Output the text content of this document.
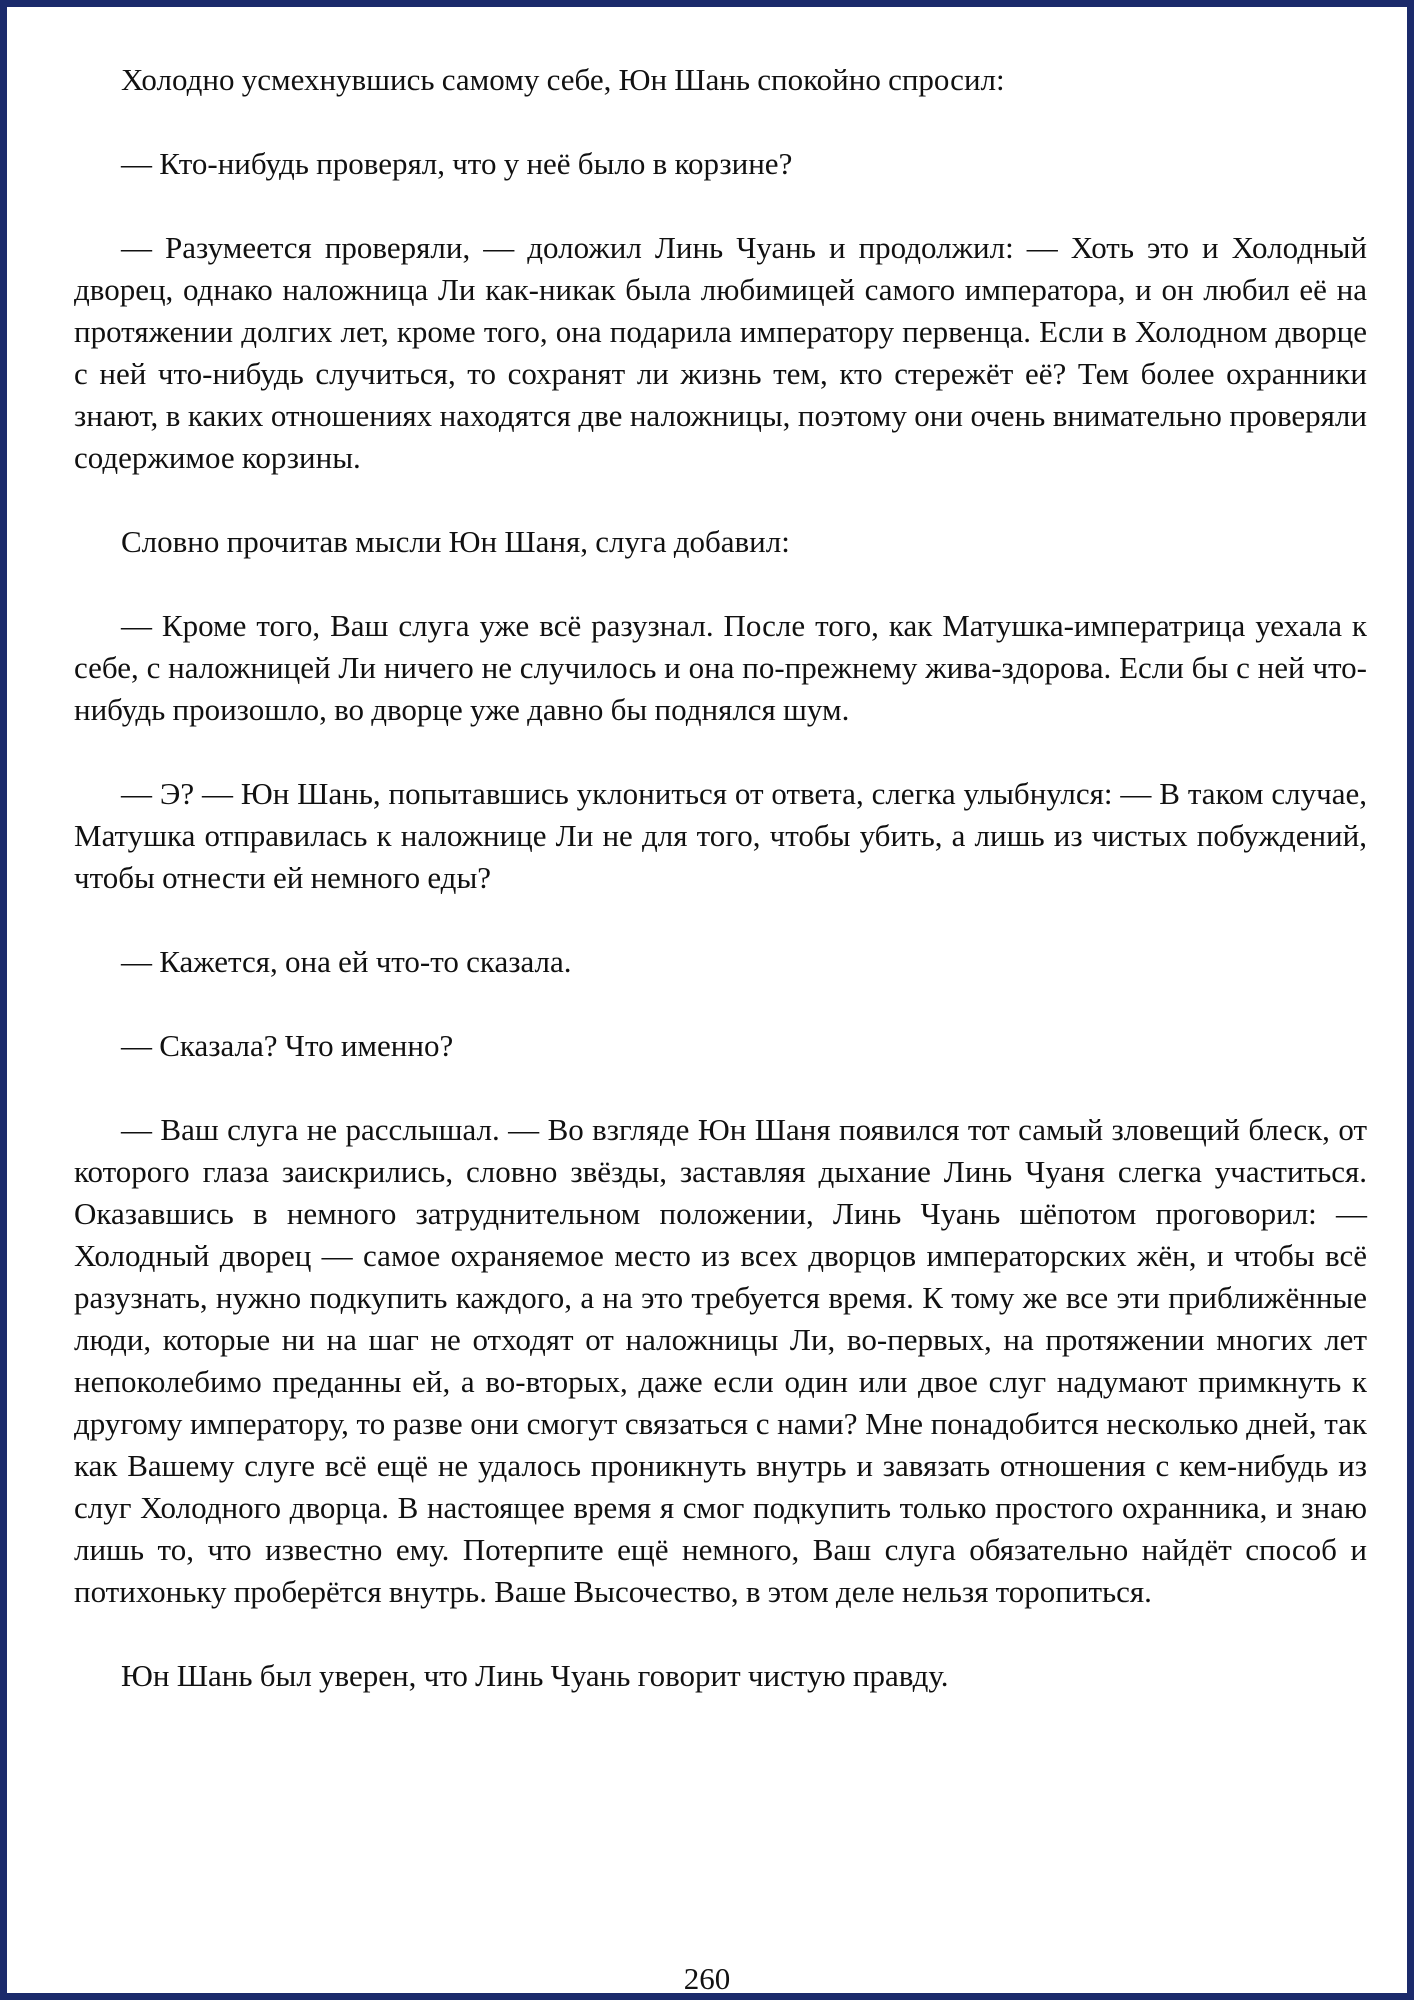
Холодно усмехнувшись самому себе, Юн Шань спокойно спросил:

— Кто-нибудь проверял, что у неё было в корзине?

— Разумеется проверяли, — доложил Линь Чуань и продолжил: — Хоть это и Холодный дворец, однако наложница Ли как-никак была любимицей самого императора, и он любил её на протяжении долгих лет, кроме того, она подарила императору первенца. Если в Холодном дворце с ней что-нибудь случиться, то сохранят ли жизнь тем, кто стережёт её? Тем более охранники знают, в каких отношениях находятся две наложницы, поэтому они очень внимательно проверяли содержимое корзины.

Словно прочитав мысли Юн Шаня, слуга добавил:

— Кроме того, Ваш слуга уже всё разузнал. После того, как Матушка-императрица уехала к себе, с наложницей Ли ничего не случилось и она по-прежнему жива-здорова. Если бы с ней что-нибудь произошло, во дворце уже давно бы поднялся шум.

— Э? — Юн Шань, попытавшись уклониться от ответа, слегка улыбнулся: — В таком случае, Матушка отправилась к наложнице Ли не для того, чтобы убить, а лишь из чистых побуждений, чтобы отнести ей немного еды?

— Кажется, она ей что-то сказала.

— Сказала? Что именно?

— Ваш слуга не расслышал. — Во взгляде Юн Шаня появился тот самый зловещий блеск, от которого глаза заискрились, словно звёзды, заставляя дыхание Линь Чуаня слегка участиться. Оказавшись в немного затруднительном положении, Линь Чуань шёпотом проговорил: — Холодный дворец — самое охраняемое место из всех дворцов императорских жён, и чтобы всё разузнать, нужно подкупить каждого, а на это требуется время. К тому же все эти приближённые люди, которые ни на шаг не отходят от наложницы Ли, во-первых, на протяжении многих лет непоколебимо преданны ей, а во-вторых, даже если один или двое слуг надумают примкнуть к другому императору, то разве они смогут связаться с нами? Мне понадобится несколько дней, так как Вашему слуге всё ещё не удалось проникнуть внутрь и завязать отношения с кем-нибудь из слуг Холодного дворца. В настоящее время я смог подкупить только простого охранника, и знаю лишь то, что известно ему. Потерпите ещё немного, Ваш слуга обязательно найдёт способ и потихоньку проберётся внутрь. Ваше Высочество, в этом деле нельзя торопиться.

Юн Шань был уверен, что Линь Чуань говорит чистую правду.

260
